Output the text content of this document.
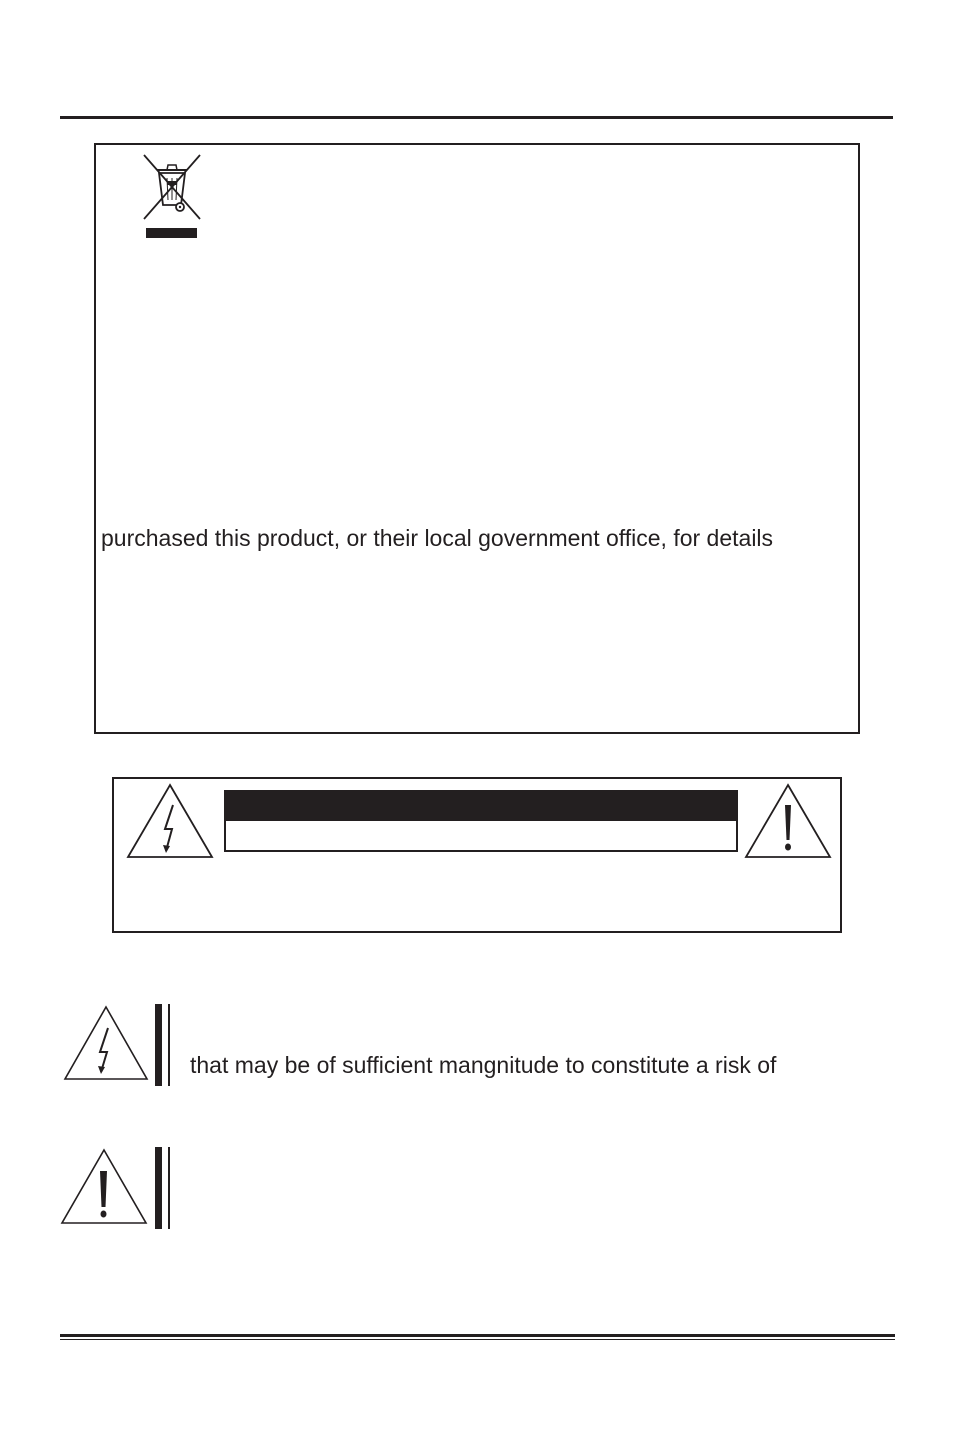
purchased this product, or their local government office, for details
that may be of sufficient mangnitude to constitute a risk of
